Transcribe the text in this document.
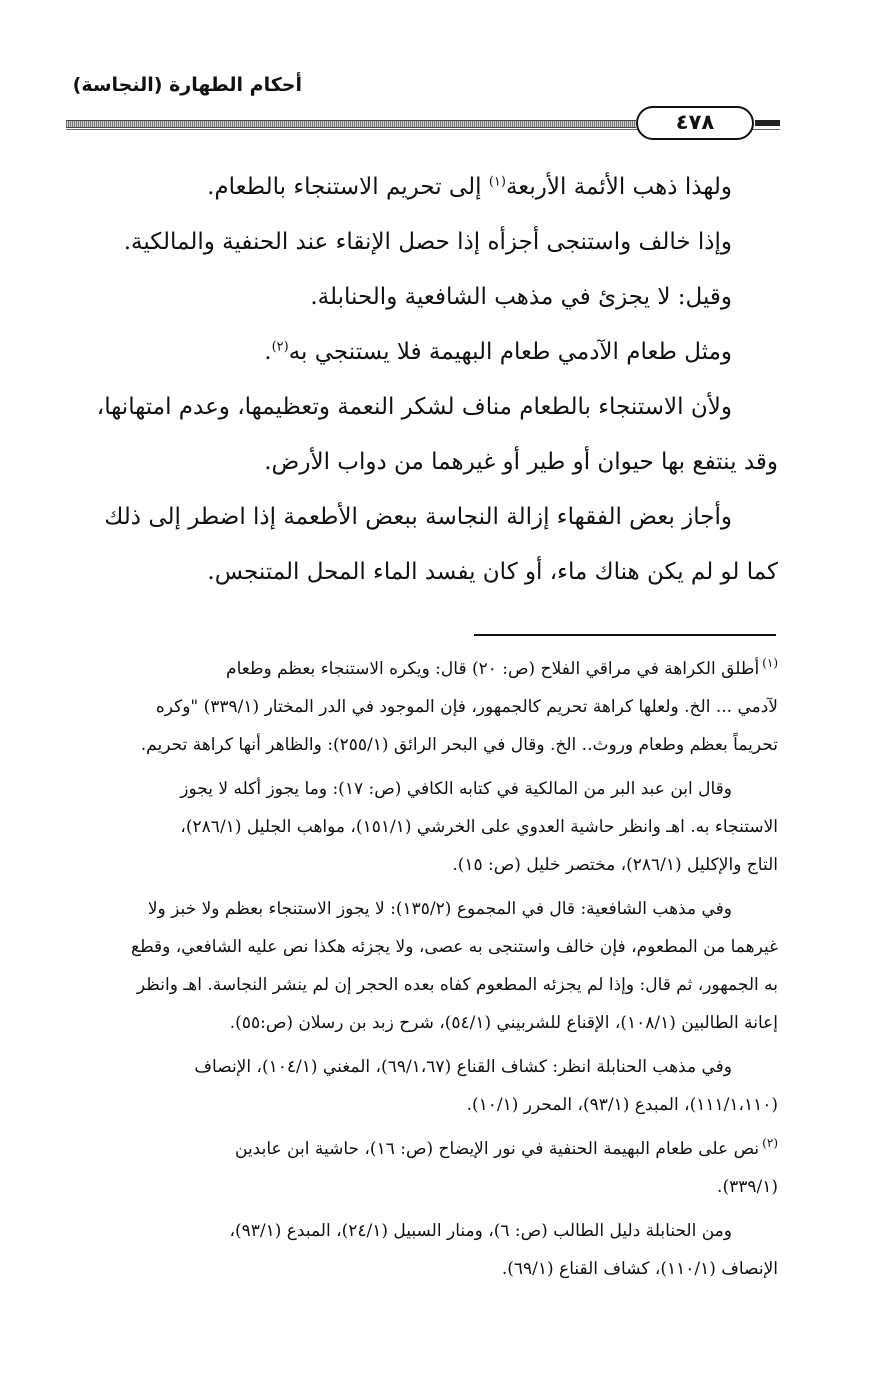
أحكام الطهارة (النجاسة)
٤٧٨
ولهذا ذهب الأئمة الأربعة$^{(١)}$ إلى تحريم الاستنجاء بالطعام.
وإذا خالف واستنجى أجزأه إذا حصل الإنقاء عند الحنفية والمالكية.
وقيل: لا يجزئ في مذهب الشافعية والحنابلة.
ومثل طعام الآدمي طعام البهيمة فلا يستنجي به$^{(٢)}$.
ولأن الاستنجاء بالطعام مناف لشكر النعمة وتعظيمها، وعدم امتهانها،
وقد ينتفع بها حيوان أو طير أو غيرهما من دواب الأرض.
وأجاز بعض الفقهاء إزالة النجاسة ببعض الأطعمة إذا اضطر إلى ذلك
كما لو لم يكن هناك ماء، أو كان يفسد الماء المحل المتنجس.
$^{(١)}$أطلق الكراهة في مراقي الفلاح (ص: ٢٠) قال: ويكره الاستنجاء بعظم وطعام
لآدمي ... الخ. ولعلها كراهة تحريم كالجمهور، فإن الموجود في الدر المختار (٣٣٩/١) "وكره
تحريماً بعظم وطعام وروث.. الخ. وقال في البحر الرائق (٢٥٥/١): والظاهر أنها كراهة تحريم.
وقال ابن عبد البر من المالكية في كتابه الكافي (ص: ١٧): وما يجوز أكله لا يجوز
الاستنجاء به. اهـ وانظر حاشية العدوي على الخرشي (١٥١/١)، مواهب الجليل (٢٨٦/١)،
التاج والإكليل (٢٨٦/١)، مختصر خليل (ص: ١٥).
وفي مذهب الشافعية: قال في المجموع (١٣٥/٢): لا يجوز الاستنجاء بعظم ولا خبز ولا
غيرهما من المطعوم، فإن خالف واستنجى به عصى، ولا يجزئه هكذا نص عليه الشافعي، وقطع
به الجمهور، ثم قال: وإذا لم يجزئه المطعوم كفاه بعده الحجر إن لم ينشر النجاسة. اهـ وانظر
إعانة الطالبين (١٠٨/١)، الإقناع للشربيني (٥٤/١)، شرح زبد بن رسلان (ص:٥٥).
وفي مذهب الحنابلة انظر: كشاف القناع (٦٩/١،٦٧)، المغني (١٠٤/١)، الإنصاف
(١١١/١،١١٠)، المبدع (٩٣/١)، المحرر (١٠/١).
$^{(٢)}$نص على طعام البهيمة الحنفية في نور الإيضاح (ص: ١٦)، حاشية ابن عابدين
(٣٣٩/١).
ومن الحنابلة دليل الطالب (ص: ٦)، ومنار السبيل (٢٤/١)، المبدع (٩٣/١)،
الإنصاف (١١٠/١)، كشاف القناع (٦٩/١).
